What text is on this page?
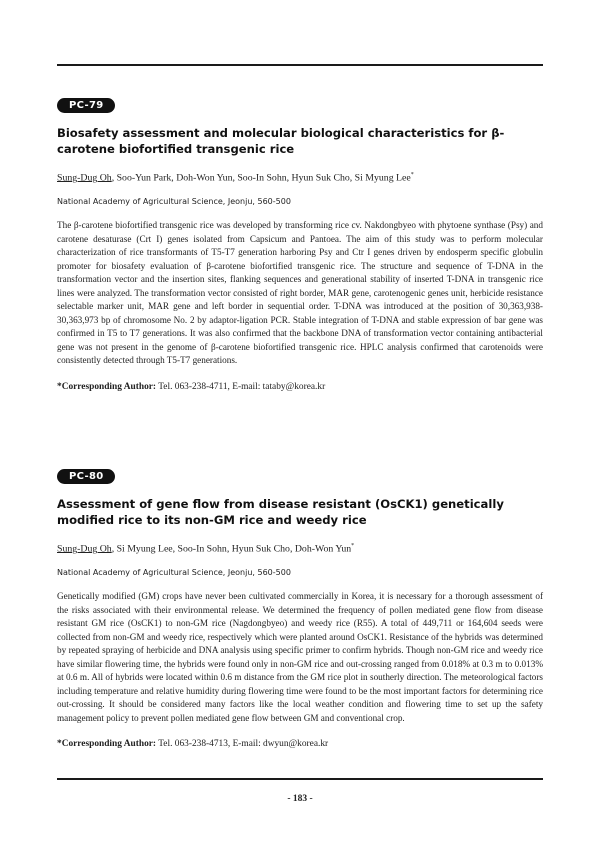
PC-79
Biosafety assessment and molecular biological characteristics for β-carotene biofortified transgenic rice
Sung-Dug Oh, Soo-Yun Park, Doh-Won Yun, Soo-In Sohn, Hyun Suk Cho, Si Myung Lee*
National Academy of Agricultural Science, Jeonju, 560-500
The β-carotene biofortified transgenic rice was developed by transforming rice cv. Nakdongbyeo with phytoene synthase (Psy) and carotene desaturase (Crt I) genes isolated from Capsicum and Pantoea. The aim of this study was to perform molecular characterization of rice transformants of T5-T7 generation harboring Psy and Ctr I genes driven by endosperm specific globulin promoter for biosafety evaluation of β-carotene biofortified transgenic rice. The structure and sequence of T-DNA in the transformation vector and the insertion sites, flanking sequences and generational stability of inserted T-DNA in transgenic rice lines were analyzed. The transformation vector consisted of right border, MAR gene, carotenogenic genes unit, herbicide resistance selectable marker unit, MAR gene and left border in sequential order. T-DNA was introduced at the position of 30,363,938-30,363,973 bp of chromosome No. 2 by adaptor-ligation PCR. Stable integration of T-DNA and stable expression of bar gene was confirmed in T5 to T7 generations. It was also confirmed that the backbone DNA of transformation vector containing antibacterial gene was not present in the genome of β-carotene biofortified transgenic rice. HPLC analysis confirmed that carotenoids were consistently detected through T5-T7 generations.
*Corresponding Author: Tel. 063-238-4711, E-mail: tataby@korea.kr
PC-80
Assessment of gene flow from disease resistant (OsCK1) genetically modified rice to its non-GM rice and weedy rice
Sung-Dug Oh, Si Myung Lee, Soo-In Sohn, Hyun Suk Cho, Doh-Won Yun*
National Academy of Agricultural Science, Jeonju, 560-500
Genetically modified (GM) crops have never been cultivated commercially in Korea, it is necessary for a thorough assessment of the risks associated with their environmental release. We determined the frequency of pollen mediated gene flow from disease resistant GM rice (OsCK1) to non-GM rice (Nagdongbyeo) and weedy rice (R55). A total of 449,711 or 164,604 seeds were collected from non-GM and weedy rice, respectively which were planted around OsCK1. Resistance of the hybrids was determined by repeated spraying of herbicide and DNA analysis using specific primer to confirm hybrids. Though non-GM rice and weedy rice have similar flowering time, the hybrids were found only in non-GM rice and out-crossing ranged from 0.018% at 0.3 m to 0.013% at 0.6 m. All of hybrids were located within 0.6 m distance from the GM rice plot in southerly direction. The meteorological factors including temperature and relative humidity during flowering time were found to be the most important factors for determining rice out-crossing. It should be considered many factors like the local weather condition and flowering time to set up the safety management policy to prevent pollen mediated gene flow between GM and conventional crop.
*Corresponding Author: Tel. 063-238-4713, E-mail: dwyun@korea.kr
- 183 -
